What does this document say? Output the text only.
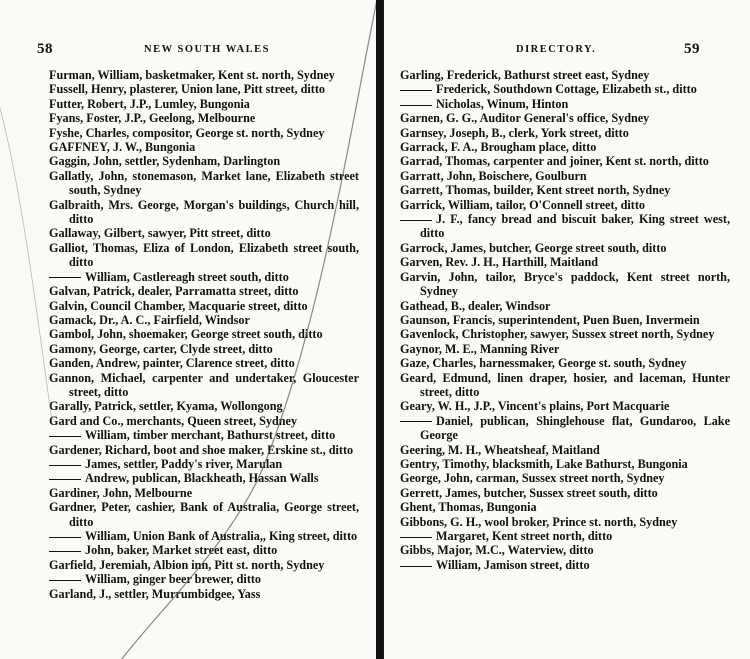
58	NEW SOUTH WALES
Furman, William, basketmaker, Kent st. north, Sydney
Fussell, Henry, plasterer, Union lane, Pitt street, ditto
Futter, Robert, J.P., Lumley, Bungonia
Fyans, Foster, J.P., Geelong, Melbourne
Fyshe, Charles, compositor, George st. north, Sydney
GAFFNEY, J. W., Bungonia
Gaggin, John, settler, Sydenham, Darlington
Gallatly, John, stonemason, Market lane, Elizabeth street south, Sydney
Galbraith, Mrs. George, Morgan's buildings, Church hill, ditto
Gallaway, Gilbert, sawyer, Pitt street, ditto
Galliot, Thomas, Eliza of London, Elizabeth street south, ditto
William, Castlereagh street south, ditto
Galvan, Patrick, dealer, Parramatta street, ditto
Galvin, Council Chamber, Macquarie street, ditto
Gamack, Dr., A. C., Fairfield, Windsor
Gambol, John, shoemaker, George street south, ditto
Gamony, George, carter, Clyde street, ditto
Ganden, Andrew, painter, Clarence street, ditto
Gannon, Michael, carpenter and undertaker, Gloucester street, ditto
Garally, Patrick, settler, Kyama, Wollongong
Gard and Co., merchants, Queen street, Sydney
William, timber merchant, Bathurst street, ditto
Gardener, Richard, boot and shoe maker, Erskine st., ditto
James, settler, Paddy's river, Marulan
Andrew, publican, Blackheath, Hassan Walls
Gardiner, John, Melbourne
Gardner, Peter, cashier, Bank of Australia, George street, ditto
William, Union Bank of Australia,, King street, ditto
John, baker, Market street east, ditto
Garfield, Jeremiah, Albion inn, Pitt st. north, Sydney
William, ginger beer brewer, ditto
Garland, J., settler, Murrumbidgee, Yass
DIRECTORY.	59
Garling, Frederick, Bathurst street east, Sydney
Frederick, Southdown Cottage, Elizabeth st., ditto
Nicholas, Winum, Hinton
Garnen, G. G., Auditor General's office, Sydney
Garnsey, Joseph, B., clerk, York street, ditto
Garrack, F. A., Brougham place, ditto
Garrad, Thomas, carpenter and joiner, Kent st. north, ditto
Garratt, John, Boischere, Goulburn
Garrett, Thomas, builder, Kent street north, Sydney
Garrick, William, tailor, O'Connell street, ditto
J. F., fancy bread and biscuit baker, King street west, ditto
Garrock, James, butcher, George street south, ditto
Garven, Rev. J. H., Harthill, Maitland
Garvin, John, tailor, Bryce's paddock, Kent street north, Sydney
Gathead, B., dealer, Windsor
Gaunson, Francis, superintendent, Puen Buen, Invermein
Gavenlock, Christopher, sawyer, Sussex street north, Sydney
Gaynor, M. E., Manning River
Gaze, Charles, harnessmaker, George st. south, Sydney
Geard, Edmund, linen draper, hosier, and laceman, Hunter street, ditto
Geary, W. H., J.P., Vincent's plains, Port Macquarie
Daniel, publican, Shinglehouse flat, Gundaroo, Lake George
Geering, M. H., Wheatsheaf, Maitland
Gentry, Timothy, blacksmith, Lake Bathurst, Bungonia
George, John, carman, Sussex street north, Sydney
Gerrett, James, butcher, Sussex street south, ditto
Ghent, Thomas, Bungonia
Gibbons, G. H., wool broker, Prince st. north, Sydney
Margaret, Kent street north, ditto
Gibbs, Major, M.C., Waterview, ditto
William, Jamison street, ditto
